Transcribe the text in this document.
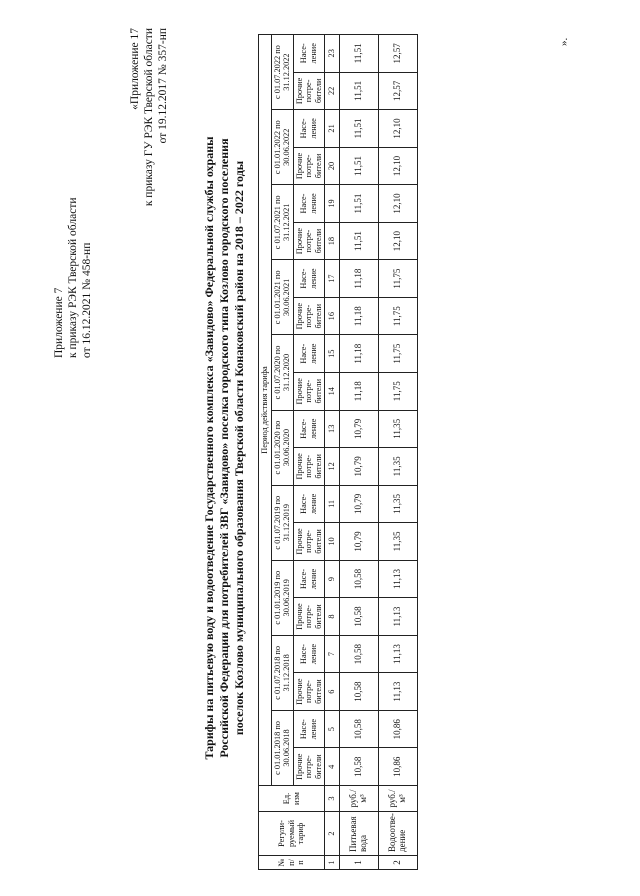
Приложение 7 к приказу РЭК Тверской области от 16.12.2021 № 458-нп
«Приложение 17 к приказу ГУ РЭК Тверской области от 19.12.2017 № 357-нп
Тарифы на питьевую воду и водоотведение Государственного комплекса «Завидово» Федеральной службы охраны Российской Федерации для потребителей ЗВГ «Завидово» поселка городского типа Козлово городского поселения поселок Козлово муниципального образования Тверской области Конаковский район на 2018 – 2022 годы
№ п/п	Регули-руемый тариф	Ед. изм	Период действия тарифа																			
			с 01.01.2018 по 30.06.2018		с 01.07.2018 по 31.12.2018		с 01.01.2019 по 30.06.2019		с 01.07.2019 по 31.12.2019		с 01.01.2020 по 30.06.2020		с 01.07.2020 по 31.12.2020		с 01.01.2021 по 30.06.2021		с 01.07.2021 по 31.12.2021		с 01.01.2022 по 30.06.2022		с 01.07.2022 по 31.12.2022	
			Прочие потре-бители	Насе-ление	Прочие потре-бители	Насе-ление	Прочие потре-бители	Насе-ление	Прочие потре-бители	Насе-ление	Прочие потре-бители	Насе-ление	Прочие потре-бители	Насе-ление	Прочие потре-бители	Насе-ление	Прочие потре-бители	Насе-ление	Прочие потре-бители	Насе-ление	Прочие потре-бители	Насе-ление
1	2	3	4	5	6	7	8	9	10	11	12	13	14	15	16	17	18	19	20	21	22	23
1	Питьевая вода	руб./м³	10,58	10,58	10,58	10,58	10,58	10,58	10,79	10,79	10,79	10,79	11,18	11,18	11,18	11,18	11,51	11,51	11,51	11,51	11,51	11,51
2	Водоотве-дение	руб./м³	10,86	10,86	11,13	11,13	11,13	11,13	11,35	11,35	11,35	11,35	11,75	11,75	11,75	11,75	12,10	12,10	12,10	12,10	12,57	12,57
».
